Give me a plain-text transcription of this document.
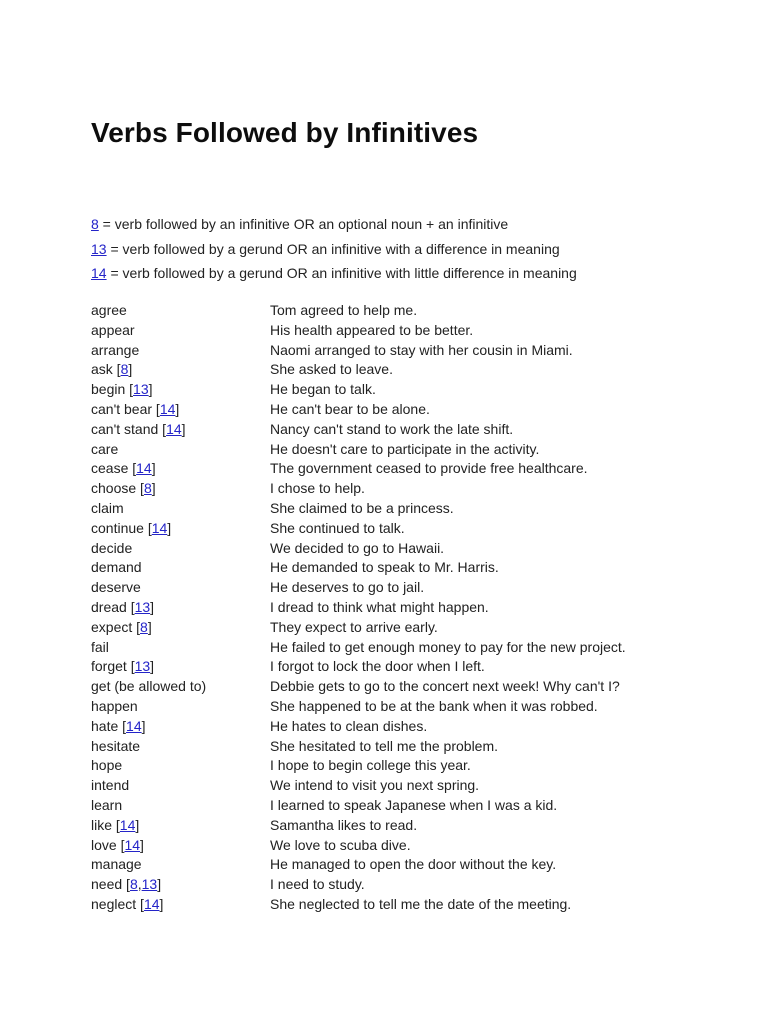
Verbs Followed by Infinitives
8 = verb followed by an infinitive OR an optional noun + an infinitive
13 = verb followed by a gerund OR an infinitive with a difference in meaning
14 = verb followed by a gerund OR an infinitive with little difference in meaning
agree	Tom agreed to help me.
appear	His health appeared to be better.
arrange	Naomi arranged to stay with her cousin in Miami.
ask [8]	She asked to leave.
begin [13]	He began to talk.
can't bear [14]	He can't bear to be alone.
can't stand [14]	Nancy can't stand to work the late shift.
care	He doesn't care to participate in the activity.
cease [14]	The government ceased to provide free healthcare.
choose [8]	I chose to help.
claim	She claimed to be a princess.
continue [14]	She continued to talk.
decide	We decided to go to Hawaii.
demand	He demanded to speak to Mr. Harris.
deserve	He deserves to go to jail.
dread [13]	I dread to think what might happen.
expect [8]	They expect to arrive early.
fail	He failed to get enough money to pay for the new project.
forget [13]	I forgot to lock the door when I left.
get (be allowed to)	Debbie gets to go to the concert next week! Why can't I?
happen	She happened to be at the bank when it was robbed.
hate [14]	He hates to clean dishes.
hesitate	She hesitated to tell me the problem.
hope	I hope to begin college this year.
intend	We intend to visit you next spring.
learn	I learned to speak Japanese when I was a kid.
like [14]	Samantha likes to read.
love [14]	We love to scuba dive.
manage	He managed to open the door without the key.
need [8,13]	I need to study.
neglect [14]	She neglected to tell me the date of the meeting.
